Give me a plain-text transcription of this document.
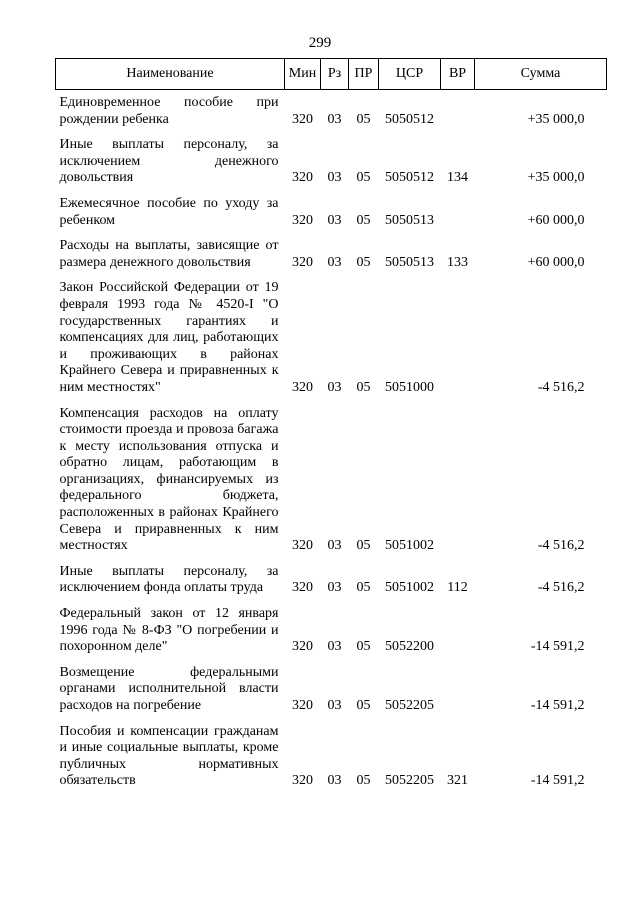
299
Наименование	Мин	Рз	ПР	ЦСР	ВР	Сумма
Единовременное пособие при рождении ребенка	320	03	05	5050512		+35 000,0
Иные выплаты персоналу, за исключением денежного довольствия	320	03	05	5050512	134	+35 000,0
Ежемесячное пособие по уходу за ребенком	320	03	05	5050513		+60 000,0
Расходы на выплаты, зависящие от размера денежного довольствия	320	03	05	5050513	133	+60 000,0
Закон Российской Федерации от 19 февраля 1993 года № 4520-I "О государственных гарантиях и компенсациях для лиц, работающих и проживающих в районах Крайнего Севера и приравненных к ним местностях"	320	03	05	5051000		-4 516,2
Компенсация расходов на оплату стоимости проезда и провоза багажа к месту использования отпуска и обратно лицам, работающим в организациях, финансируемых из федерального бюджета, расположенных в районах Крайнего Севера и приравненных к ним местностях	320	03	05	5051002		-4 516,2
Иные выплаты персоналу, за исключением фонда оплаты труда	320	03	05	5051002	112	-4 516,2
Федеральный закон от 12 января 1996 года № 8-ФЗ "О погребении и похоронном деле"	320	03	05	5052200		-14 591,2
Возмещение федеральными органами исполнительной власти расходов на погребение	320	03	05	5052205		-14 591,2
Пособия и компенсации гражданам и иные социальные выплаты, кроме публичных нормативных обязательств	320	03	05	5052205	321	-14 591,2
